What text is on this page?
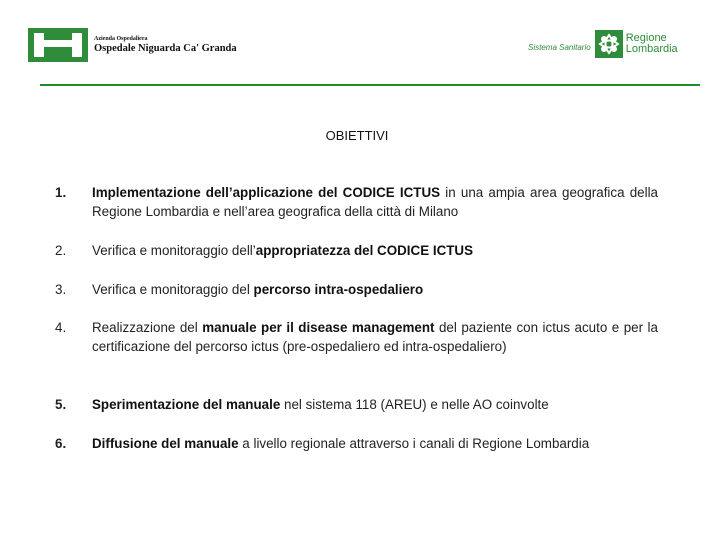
Azienda Ospedaliera
Ospedale Niguarda Ca' Granda	Sistema Sanitario
Regione
Lombardia
OBIETTIVI
1.	Implementazione dell’applicazione del CODICE ICTUS in una ampia area geografica della Regione Lombardia e nell’area geografica della città di Milano
2.	Verifica e monitoraggio dell’appropriatezza del CODICE ICTUS
3.	Verifica e monitoraggio del percorso intra-ospedaliero
4.	Realizzazione del manuale per il disease management del paziente con ictus acuto e per la certificazione del percorso ictus (pre-ospedaliero ed intra-ospedaliero)
5.	Sperimentazione del manuale nel sistema 118 (AREU) e nelle AO coinvolte
6.	Diffusione del manuale a livello regionale attraverso i canali di Regione Lombardia
